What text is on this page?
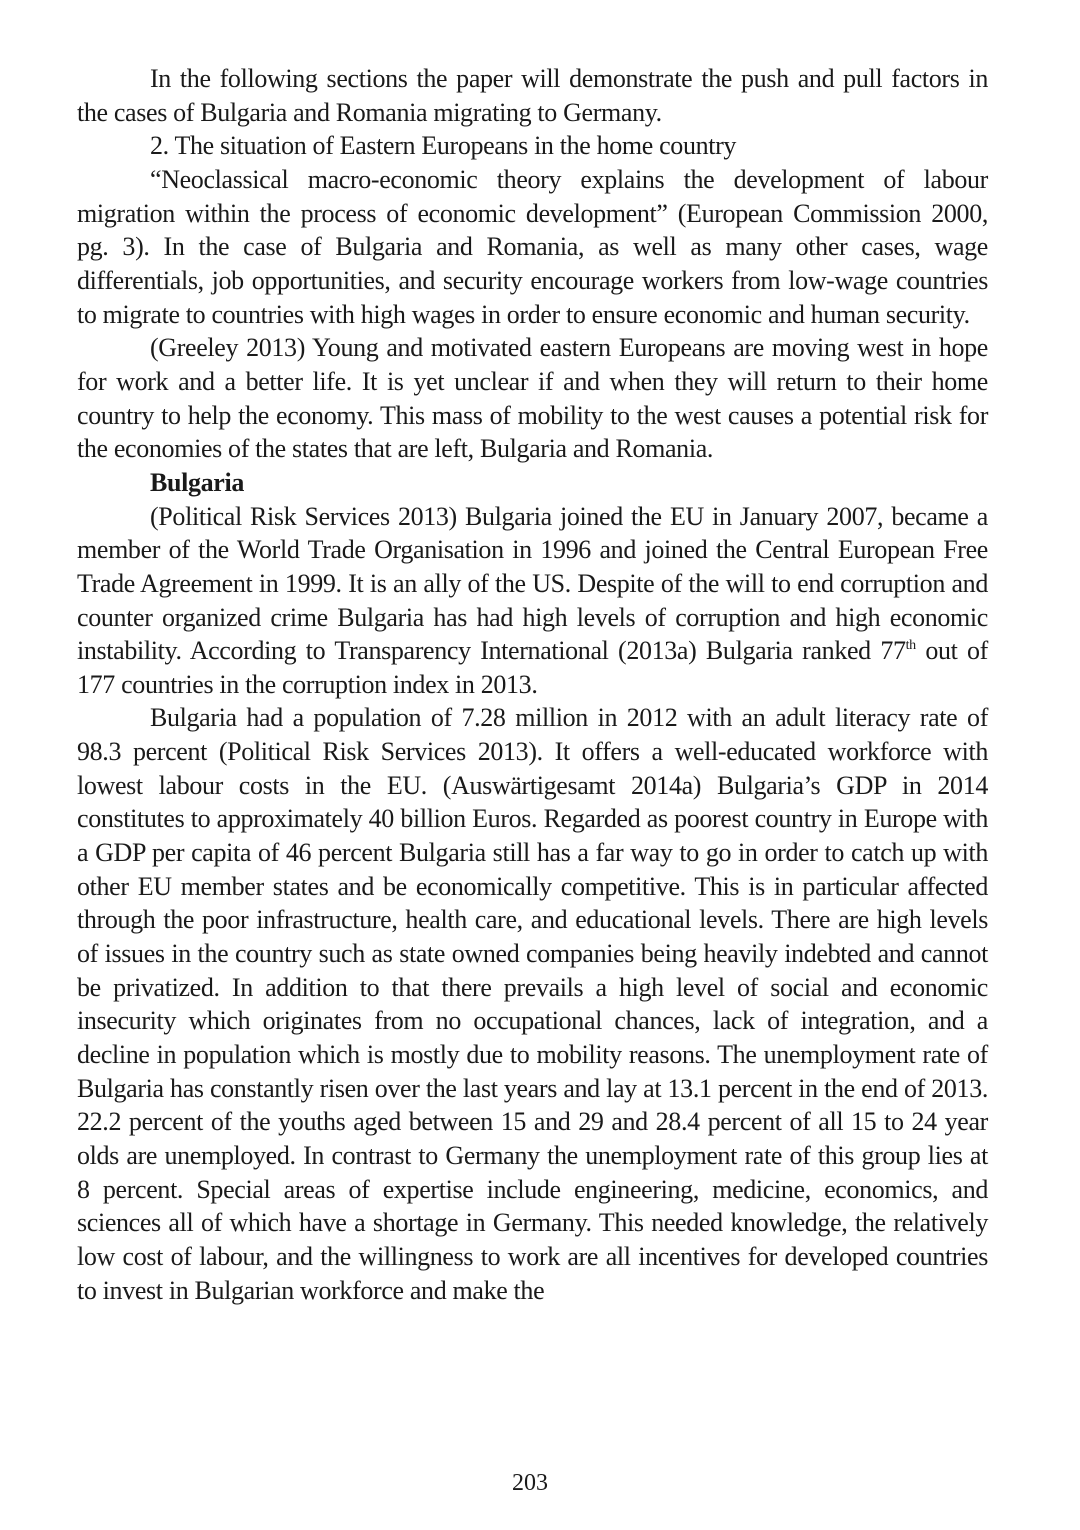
In the following sections the paper will demonstrate the push and pull factors in the cases of Bulgaria and Romania migrating to Germany.

2. The situation of Eastern Europeans in the home country

“Neoclassical macro-economic theory explains the development of labour migration within the process of economic development” (European Commission 2000, pg. 3). In the case of Bulgaria and Romania, as well as many other cases, wage differentials, job opportunities, and security encourage workers from low-wage countries to migrate to countries with high wages in order to ensure economic and human security.

(Greeley 2013) Young and motivated eastern Europeans are moving west in hope for work and a better life. It is yet unclear if and when they will return to their home country to help the economy. This mass of mobility to the west causes a potential risk for the economies of the states that are left, Bulgaria and Romania.

Bulgaria

(Political Risk Services 2013) Bulgaria joined the EU in January 2007, became a member of the World Trade Organisation in 1996 and joined the Central European Free Trade Agreement in 1999. It is an ally of the US. Despite of the will to end corruption and counter organized crime Bulgaria has had high levels of corruption and high economic instability. According to Transparency International (2013a) Bulgaria ranked 77th out of 177 countries in the corruption index in 2013.

Bulgaria had a population of 7.28 million in 2012 with an adult literacy rate of 98.3 percent (Political Risk Services 2013). It offers a well-educated workforce with lowest labour costs in the EU. (Auswärtigesamt 2014a) Bulgaria’s GDP in 2014 constitutes to approximately 40 billion Euros. Regarded as poorest country in Europe with a GDP per capita of 46 percent Bulgaria still has a far way to go in order to catch up with other EU member states and be economically competitive. This is in particular affected through the poor infrastructure, health care, and educational levels. There are high levels of issues in the country such as state owned companies being heavily indebted and cannot be privatized. In addition to that there prevails a high level of social and economic insecurity which originates from no occupational chances, lack of integration, and a decline in population which is mostly due to mobility reasons. The unemployment rate of Bulgaria has constantly risen over the last years and lay at 13.1 percent in the end of 2013. 22.2 percent of the youths aged between 15 and 29 and 28.4 percent of all 15 to 24 year olds are unemployed. In contrast to Germany the unemployment rate of this group lies at 8 percent. Special areas of expertise include engineering, medicine, economics, and sciences all of which have a shortage in Germany. This needed knowledge, the relatively low cost of labour, and the willingness to work are all incentives for developed countries to invest in Bulgarian workforce and make the

203
